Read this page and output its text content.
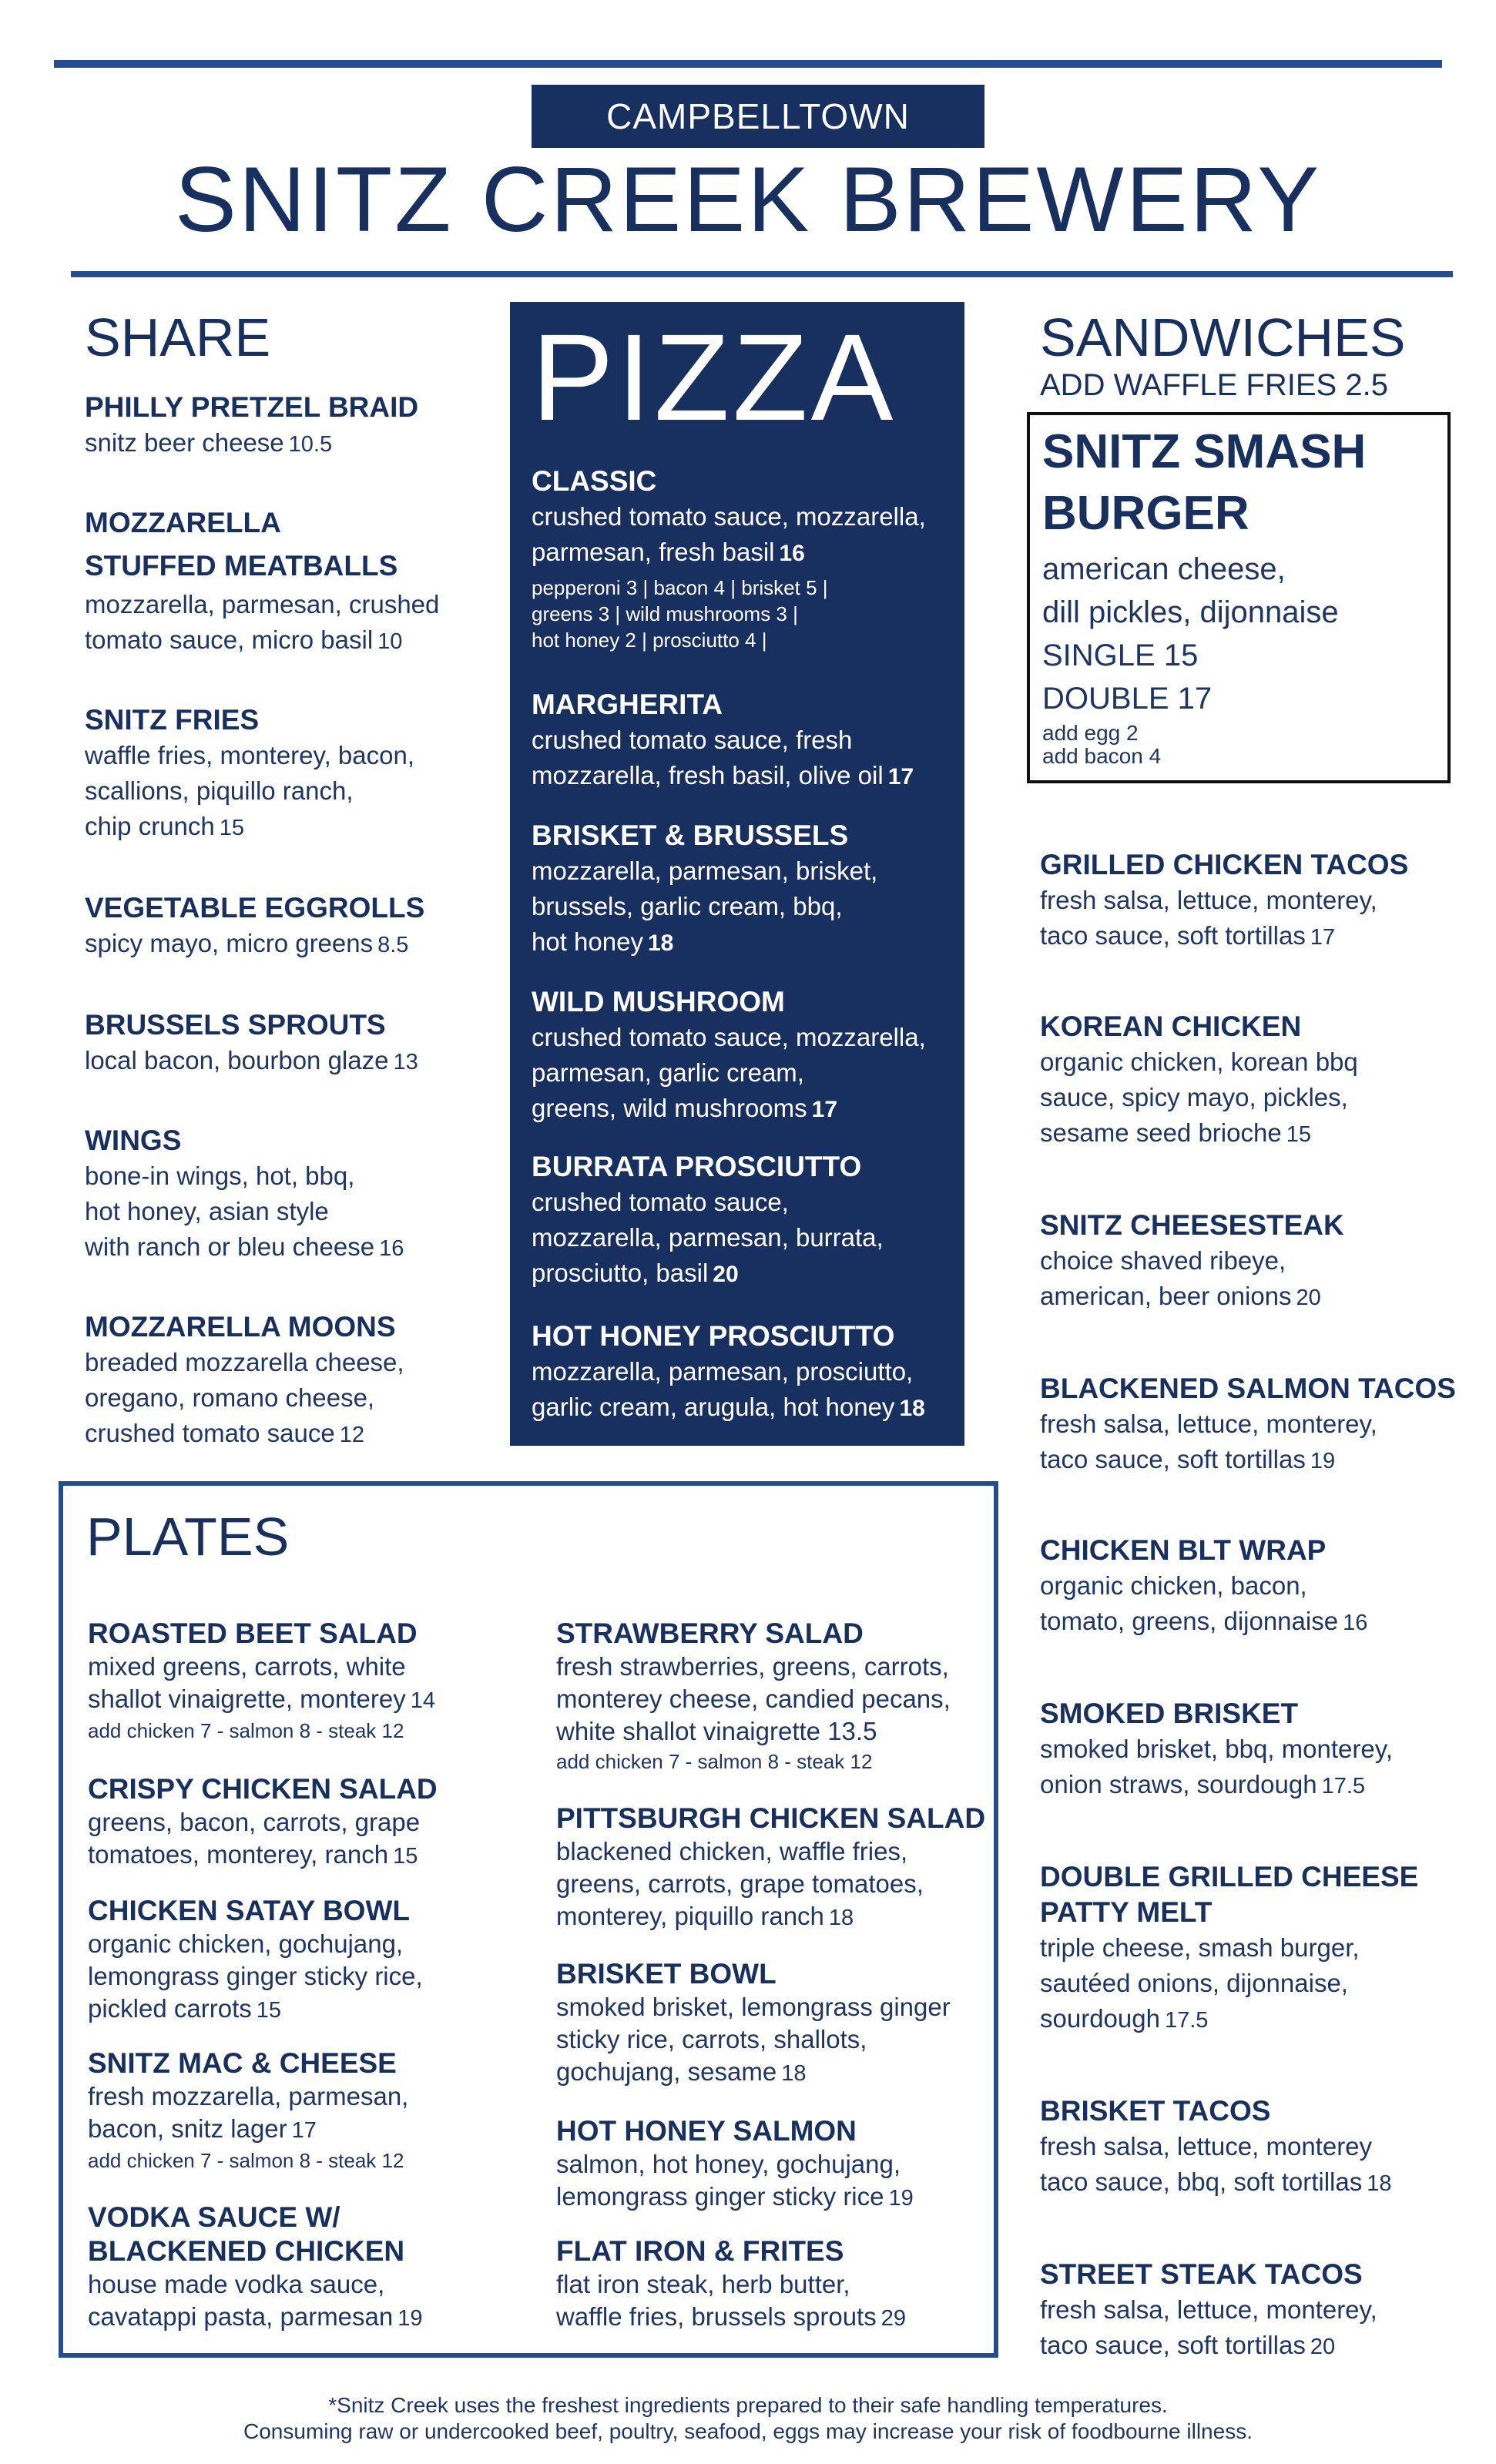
CAMPBELLTOWN
SNITZ CREEK BREWERY
SHARE
PHILLY PRETZEL BRAID
snitz beer cheese 10.5
MOZZARELLA
STUFFED MEATBALLS
mozzarella, parmesan, crushed
tomato sauce, micro basil 10
SNITZ FRIES
waffle fries, monterey, bacon,
scallions, piquillo ranch,
chip crunch 15
VEGETABLE EGGROLLS
spicy mayo, micro greens 8.5
BRUSSELS SPROUTS
local bacon, bourbon glaze 13
WINGS
bone-in wings, hot, bbq,
hot honey, asian style
with ranch or bleu cheese 16
MOZZARELLA MOONS
breaded mozzarella cheese,
oregano, romano cheese,
crushed tomato sauce 12
PIZZA
CLASSIC
crushed tomato sauce, mozzarella,
parmesan, fresh basil 16
pepperoni 3 | bacon 4 | brisket 5 |
greens 3 | wild mushrooms 3 |
hot honey 2 | prosciutto 4 |
MARGHERITA
crushed tomato sauce, fresh
mozzarella, fresh basil, olive oil 17
BRISKET & BRUSSELS
mozzarella, parmesan, brisket,
brussels, garlic cream, bbq,
hot honey 18
WILD MUSHROOM
crushed tomato sauce, mozzarella,
parmesan, garlic cream,
greens, wild mushrooms 17
BURRATA PROSCIUTTO
crushed tomato sauce,
mozzarella, parmesan, burrata,
prosciutto, basil 20
HOT HONEY PROSCIUTTO
mozzarella, parmesan, prosciutto,
garlic cream, arugula, hot honey 18
SANDWICHES
ADD WAFFLE FRIES 2.5
SNITZ SMASH
BURGER
american cheese,
dill pickles, dijonnaise
SINGLE 15
DOUBLE 17
add egg 2
add bacon 4
GRILLED CHICKEN TACOS
fresh salsa, lettuce, monterey,
taco sauce, soft tortillas 17
KOREAN CHICKEN
organic chicken, korean bbq
sauce, spicy mayo, pickles,
sesame seed brioche 15
SNITZ CHEESESTEAK
choice shaved ribeye,
american, beer onions 20
BLACKENED SALMON TACOS
fresh salsa, lettuce, monterey,
taco sauce, soft tortillas 19
CHICKEN BLT WRAP
organic chicken, bacon,
tomato, greens, dijonnaise 16
SMOKED BRISKET
smoked brisket, bbq, monterey,
onion straws, sourdough 17.5
DOUBLE GRILLED CHEESE
PATTY MELT
triple cheese, smash burger,
sautéed onions, dijonnaise,
sourdough 17.5
BRISKET TACOS
fresh salsa, lettuce, monterey
taco sauce, bbq, soft tortillas 18
STREET STEAK TACOS
fresh salsa, lettuce, monterey,
taco sauce, soft tortillas 20
PLATES
ROASTED BEET SALAD
mixed greens, carrots, white
shallot vinaigrette, monterey 14
add chicken 7 - salmon 8 - steak 12
CRISPY CHICKEN SALAD
greens, bacon, carrots, grape
tomatoes, monterey, ranch 15
CHICKEN SATAY BOWL
organic chicken, gochujang,
lemongrass ginger sticky rice,
pickled carrots 15
SNITZ MAC & CHEESE
fresh mozzarella, parmesan,
bacon, snitz lager 17
add chicken 7 - salmon 8 - steak 12
VODKA SAUCE W/
BLACKENED CHICKEN
house made vodka sauce,
cavatappi pasta, parmesan 19
STRAWBERRY SALAD
fresh strawberries, greens, carrots,
monterey cheese, candied pecans,
white shallot vinaigrette 13.5
add chicken 7 - salmon 8 - steak 12
PITTSBURGH CHICKEN SALAD
blackened chicken, waffle fries,
greens, carrots, grape tomatoes,
monterey, piquillo ranch 18
BRISKET BOWL
smoked brisket, lemongrass ginger
sticky rice, carrots, shallots,
gochujang, sesame 18
HOT HONEY SALMON
salmon, hot honey, gochujang,
lemongrass ginger sticky rice 19
FLAT IRON & FRITES
flat iron steak, herb butter,
waffle fries, brussels sprouts 29
*Snitz Creek uses the freshest ingredients prepared to their safe handling temperatures.
Consuming raw or undercooked beef, poultry, seafood, eggs may increase your risk of foodbourne illness.
